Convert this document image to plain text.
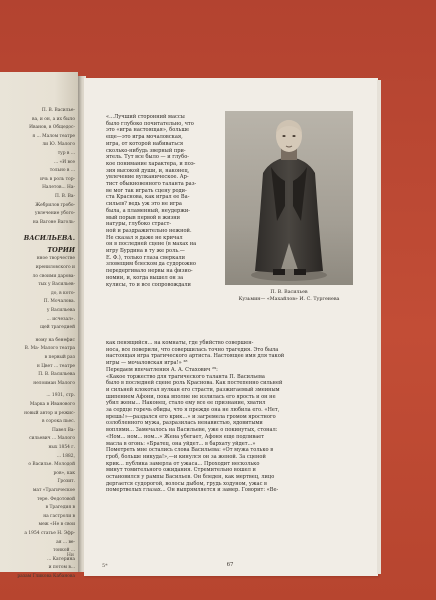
П. В. Василье-
ва, и он, а их было
Иванов, в Общедос-
я ... Малом театре
ли Ю. Малого
тур в ...
... «И все
тольно в ...
ичь в роль тор-
Налетов... На-
П. В. Ва-
Жебрилов гробо-
увлечение убого-
на Вагоне Ваголь-
ВАСИЛЬЕВА.
ТОРИИ
нное творчестве
ирениловского и
ло своими дарова-
тых у Васильев-
до, в кото-
П. Мочалова.
у Васильева
... исчезал».
щей трагедией
ному на бенефис
В. Ма- Малого театра
в первый раз
н Цвет ... театре
П. В. Васильева
нелоиман Малого
... 1931, стр.
Марка в Иванового
новый автор и режис-
в сорока пьес.
Павел Ва-
сильевич ... Малого
ных 1854 г.
... 1882,
о Василье. Молодой
ров», как
Грозит.
мат «Трагическое
тере. Федотовой
в Трагедия в
на гастроли в
меж «Не в свои
а 1954 статье Н. Эфр-
ая ... ве-
тонкой ...
... Катерина
и потом в...
разам Гликова Кабанова
Ни
«...Лучший сторонний массы
было глубоко почитательно, что
это «игра настоящая», больше
еще—это игра мочаловская,
игра, от которой набиваться
сколько-нибудь зверный при-
ятель. Тут все было — и глубо-
кое понимание характера, и поэ-
зия высокой души, и, наконец,
увлечение вулканическое. Ар-
тист обыкновенного таланта раз-
ве мог так играть сцену роди-
ста Краснова, как играл ее Ва-
сильев? ведь уж это не игра
была, а пламенный, неудержи-
мый порыв первой в жизни
натуры, глубоко страст-
ной и раздражительно нежной.
Не сказал я даже не кричал
он в последней сцене (в махах на
игру Бурдина в ту же роль.—
Е. Ф.), только глаза сверкали
зловещим блеском да судорожно
передергивало нервы на физио-
номии, и, когда вышел он за
кулисы, то и все сопровождали
П. В. Васильев
Кузьмин— «Махайлов» И. С. Тургенева
как пенящийся... на комнаты, где убийство совершен-
носа, все поверили, что совершилась точно трагедия. Это была
настоящая игра трагического артиста. Настоящее имя для такой
игры — мочаловская игра!» ²⁸
Передаем впечатления А. А. Стахович ²⁹:
«Какое торжество для трагического таланта П. Васильева
было в последней сцене роль Краснова. Как постепенно сильней
и сильней клокотал вулкан его страсти, разжигаемый змеиным
шипением Афони, пока вполне не излилась его ярость и он не
убил жены... Наконец, стало ему все ее признание, хватил
за сердце горечь обиды, что я прежде она не любила его. «Нет,
врешь!»—раздался его крик...» и загремела громом яростного
озлобленного мужа, разразилась ненавистью, ядовитыми
воплями... Замечалось на Васильеве, уже о покинутых, стонал:
«Ном... ном... ном...» Жена убегает, Афоня еще подливает
масла в огонь: «Братец, она уйдет... в бархату уйдет...»
Пометреть мне остались слова Васильева: «От мужа только в
гроб, больше никуда!»,—и кинулся он за женой. За сценой
крик... публика замерла от ужаса... Проходит несколько
минут томительного ожидания. Стремительно вошел и
остановился у рампы Васильев. Он бледен, как мертвец, лицо
дергается судорогой, волосы дыбом, грудь ходуном, ужас в
помертвелых глазах... Он выпрямляется и замер. Говорит: «Ве-
5*	67
